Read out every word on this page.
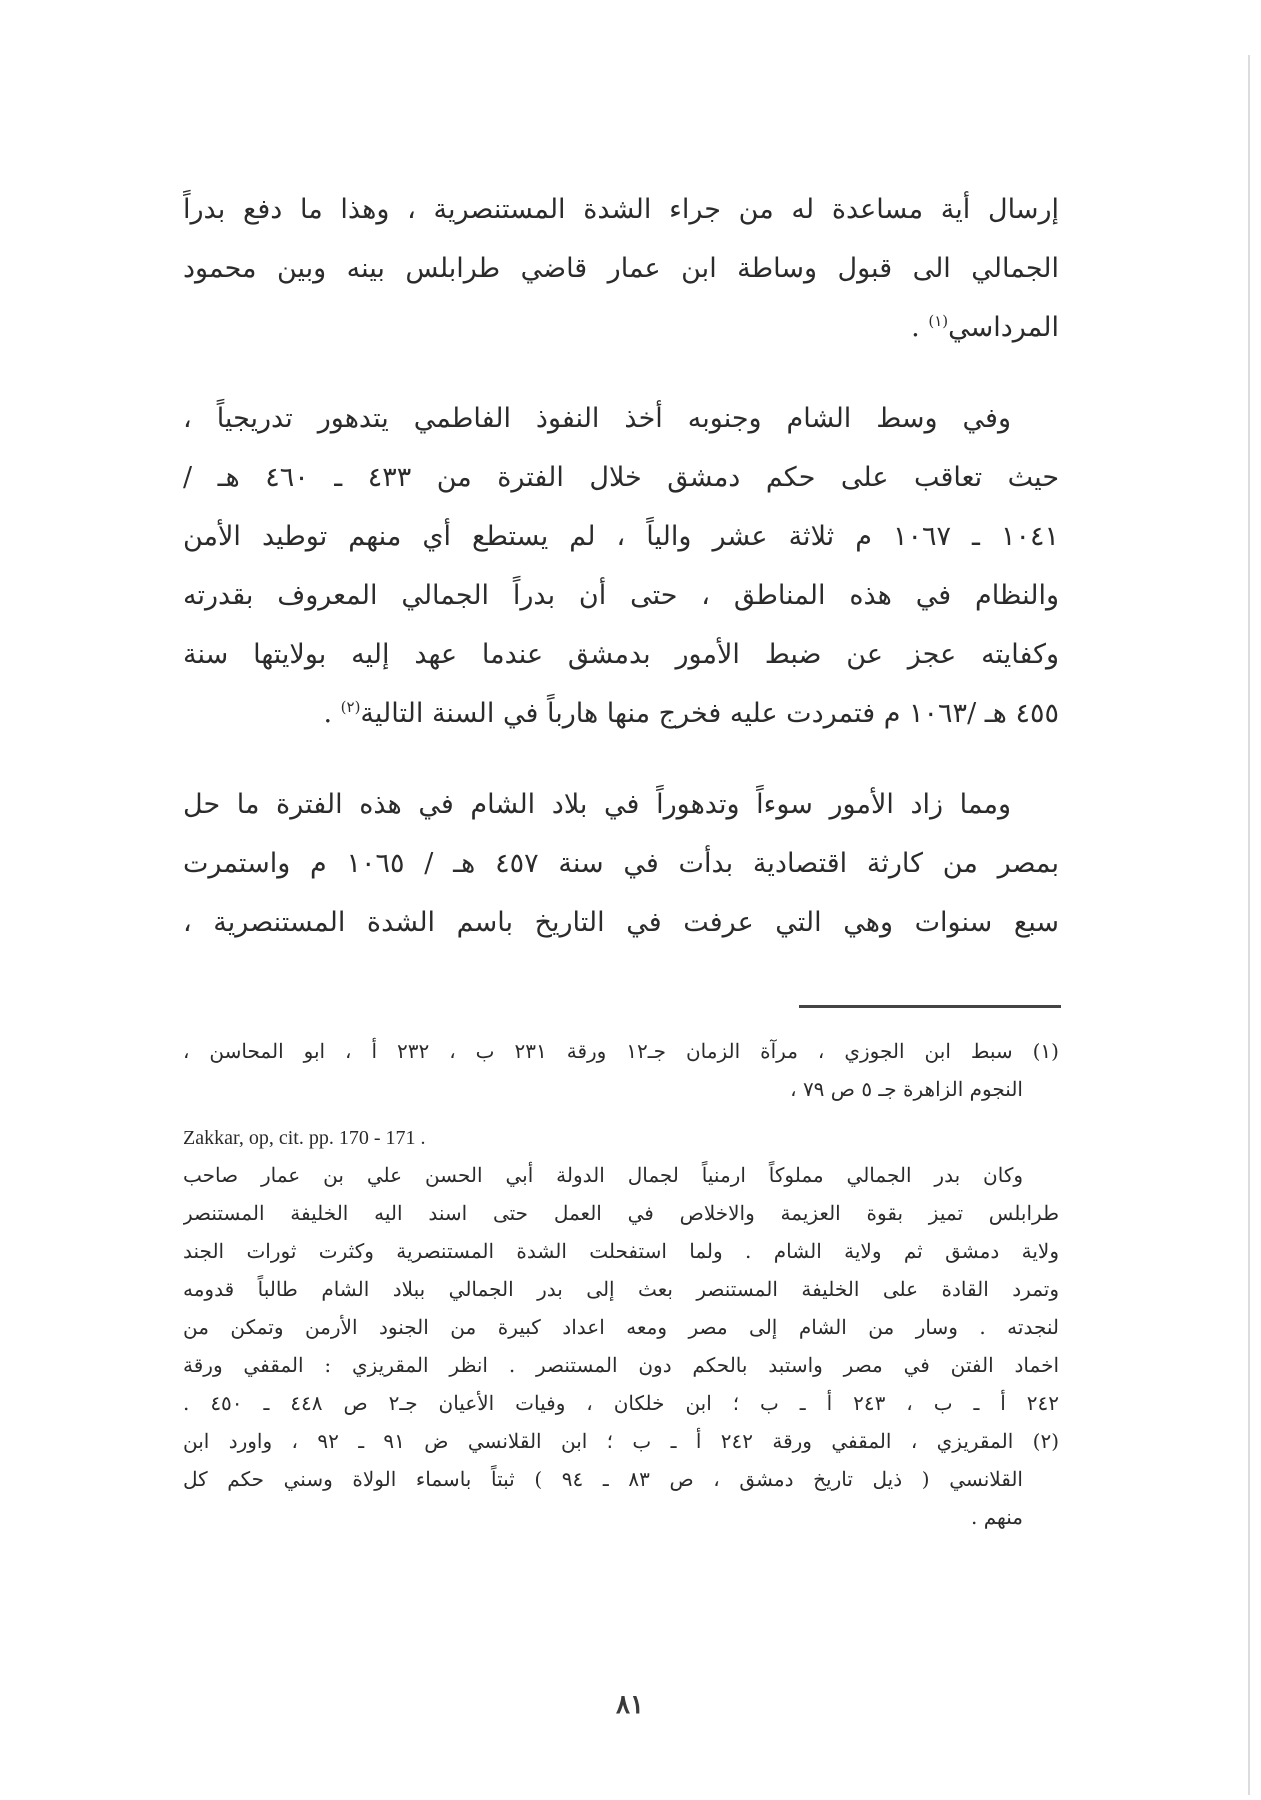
إرسال أية مساعدة له من جراء الشدة المستنصرية ، وهذا ما دفع بدراً
الجمالي الى قبول وساطة ابن عمار قاضي طرابلس بينه وبين محمود
المرداسي$^{(١)}$ .
وفي وسط الشام وجنوبه أخذ النفوذ الفاطمي يتدهور تدريجياً ،
حيث تعاقب على حكم دمشق خلال الفترة من ٤٣٣ ـ ٤٦٠ هـ /
١٠٤١ ـ ١٠٦٧ م ثلاثة عشر والياً ، لم يستطع أي منهم توطيد الأمن
والنظام في هذه المناطق ، حتى أن بدراً الجمالي المعروف بقدرته
وكفايته عجز عن ضبط الأمور بدمشق عندما عهد إليه بولايتها سنة
٤٥٥ هـ /١٠٦٣ م فتمردت عليه فخرج منها هارباً في السنة التالية$^{(٢)}$ .
ومما زاد الأمور سوءاً وتدهوراً في بلاد الشام في هذه الفترة ما حل
بمصر من كارثة اقتصادية بدأت في سنة ٤٥٧ هـ / ١٠٦٥ م واستمرت
سبع سنوات وهي التي عرفت في التاريخ باسم الشدة المستنصرية ،
(١) سبط ابن الجوزي ، مرآة الزمان جـ١٢ ورقة ٢٣١ ب ، ٢٣٢ أ ، ابو المحاسن ،
النجوم الزاهرة جـ ٥ ص ٧٩ ،
Zakkar, op, cit. pp. 170 - 171 .
وكان بدر الجمالي مملوكاً ارمنياً لجمال الدولة أبي الحسن علي بن عمار صاحب
طرابلس تميز بقوة العزيمة والاخلاص في العمل حتى اسند اليه الخليفة المستنصر
ولاية دمشق ثم ولاية الشام . ولما استفحلت الشدة المستنصرية وكثرت ثورات الجند
وتمرد القادة على الخليفة المستنصر بعث إلى بدر الجمالي ببلاد الشام طالباً قدومه
لنجدته . وسار من الشام إلى مصر ومعه اعداد كبيرة من الجنود الأرمن وتمكن من
اخماد الفتن في مصر واستبد بالحكم دون المستنصر . انظر المقريزي : المقفي ورقة
٢٤٢ أ ـ ب ، ٢٤٣ أ ـ ب ؛ ابن خلكان ، وفيات الأعيان جـ٢ ص ٤٤٨ ـ ٤٥٠ .
(٢) المقريزي ، المقفي ورقة ٢٤٢ أ ـ ب ؛ ابن القلانسي ض ٩١ ـ ٩٢ ، واورد ابن
القلانسي ( ذيل تاريخ دمشق ، ص ٨٣ ـ ٩٤ ) ثبتاً باسماء الولاة وسني حكم كل
منهم .
٨١
